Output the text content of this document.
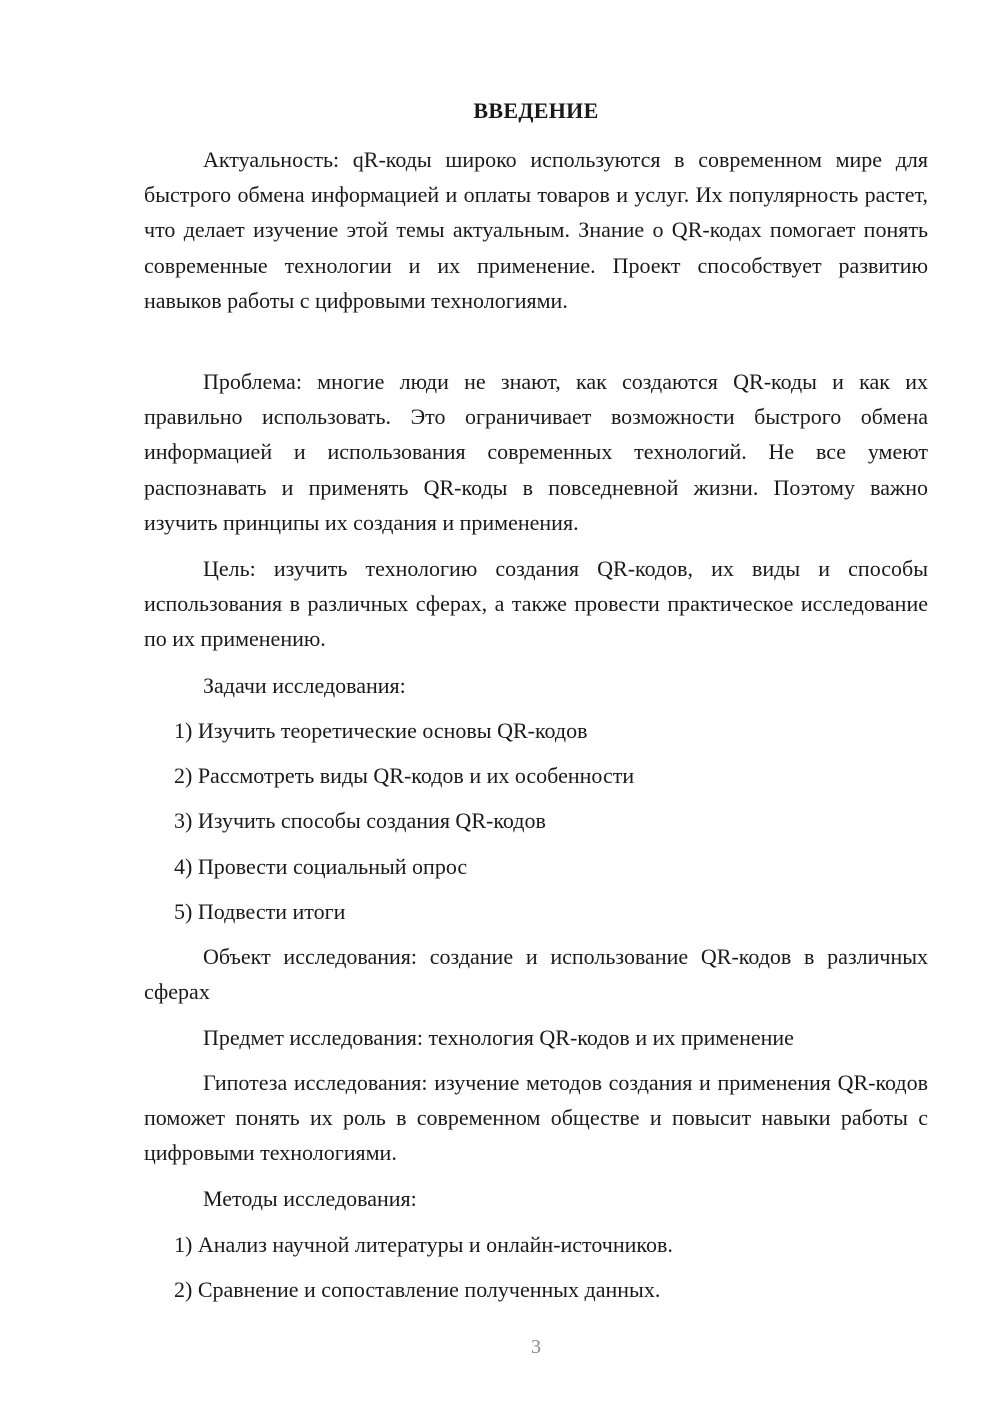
ВВЕДЕНИЕ

Актуальность: qR-коды широко используются в современном мире для быстрого обмена информацией и оплаты товаров и услуг. Их популярность растет, что делает изучение этой темы актуальным. Знание о QR-кодах помогает понять современные технологии и их применение. Проект способствует развитию навыков работы с цифровыми технологиями.

Проблема: многие люди не знают, как создаются QR-коды и как их правильно использовать. Это ограничивает возможности быстрого обмена информацией и использования современных технологий. Не все умеют распознавать и применять QR-коды в повседневной жизни. Поэтому важно изучить принципы их создания и применения.

Цель: изучить технологию создания QR-кодов, их виды и способы использования в различных сферах, а также провести практическое исследование по их применению.

Задачи исследования:
1) Изучить теоретические основы QR-кодов
2) Рассмотреть виды QR-кодов и их особенности
3) Изучить способы создания QR-кодов
4) Провести социальный опрос
5) Подвести итоги

Объект исследования: создание и использование QR-кодов в различных сферах

Предмет исследования: технология QR-кодов и их применение

Гипотеза исследования: изучение методов создания и применения QR-кодов поможет понять их роль в современном обществе и повысит навыки работы с цифровыми технологиями.

Методы исследования:
1) Анализ научной литературы и онлайн-источников.
2) Сравнение и сопоставление полученных данных.
3
